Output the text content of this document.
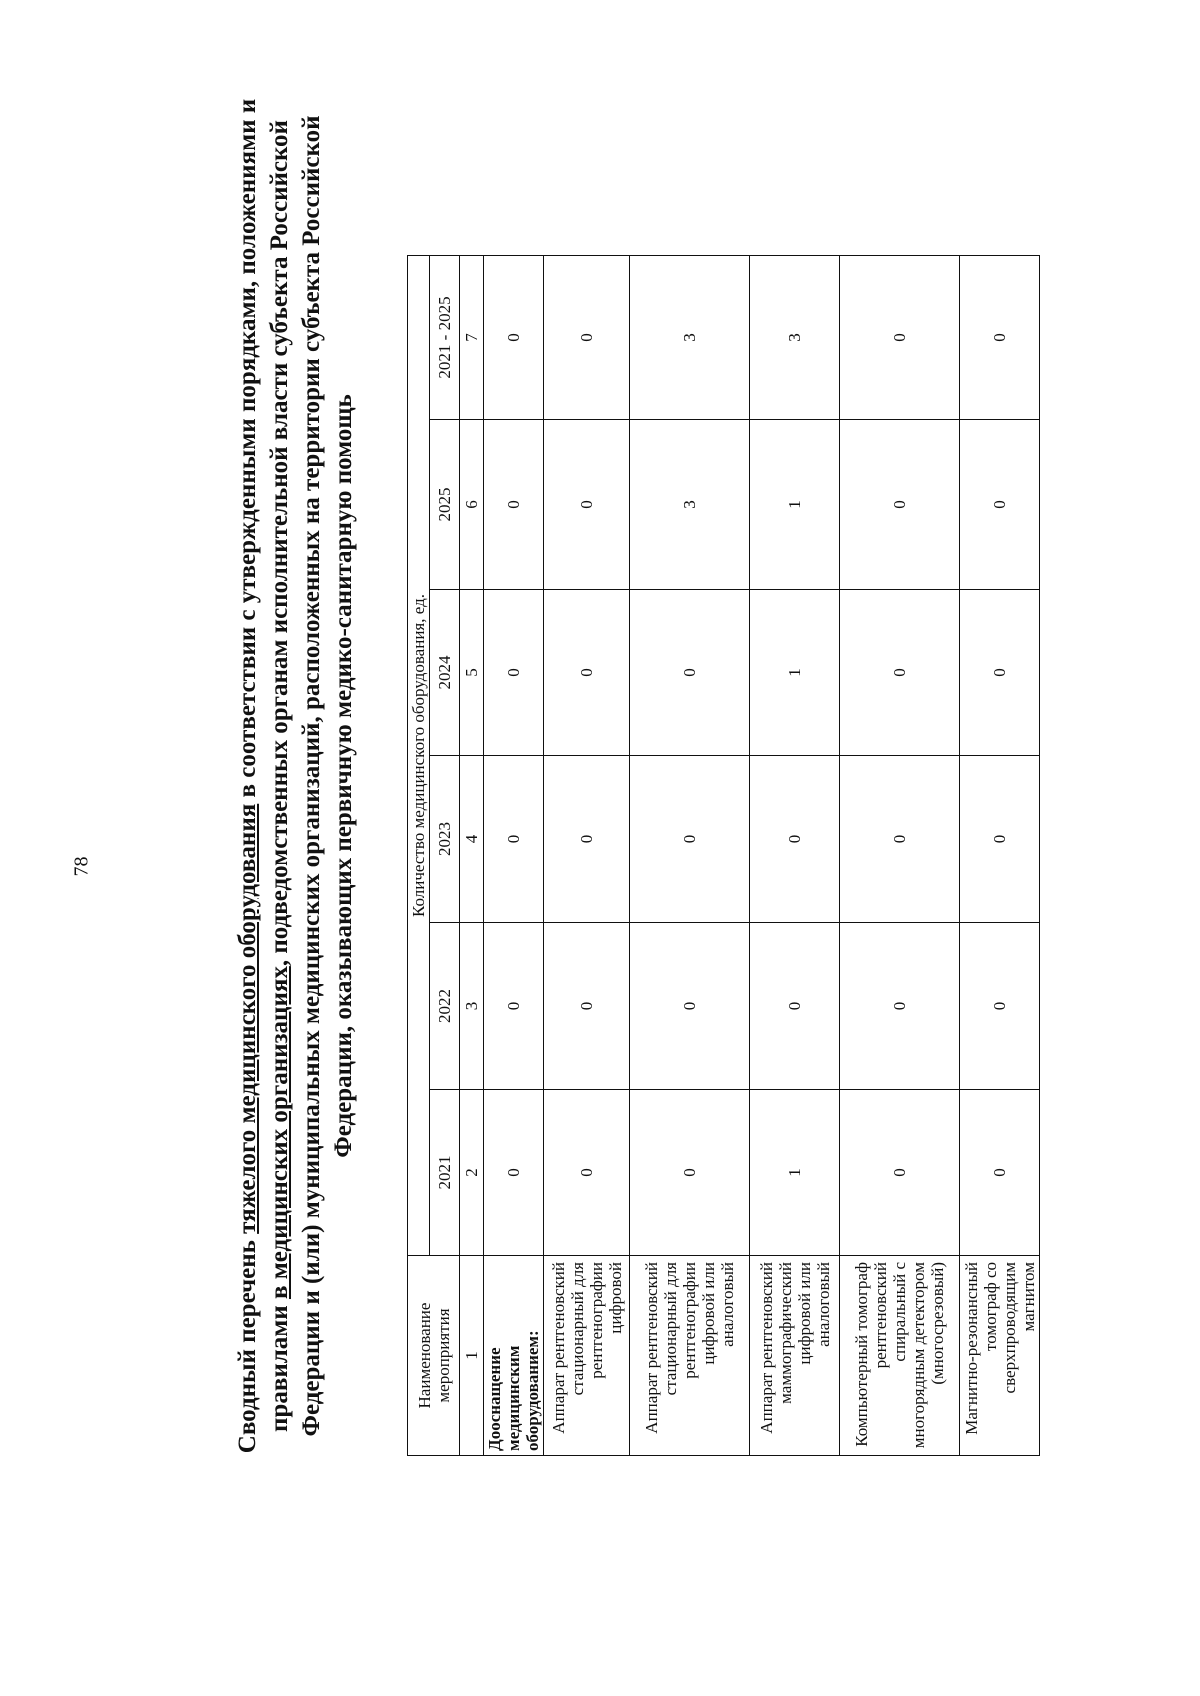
78

Сводный перечень тяжелого медицинского оборудования в соответствии с утвержденными порядками, положениями и правилами в медицинских организациях, подведомственных органам исполнительной власти субъекта Российской Федерации и (или) муниципальных медицинских организаций, расположенных на территории субъекта Российской Федерации, оказывающих первичную медико-санитарную помощь

Наименование мероприятия	Количество медицинского оборудования, ед.					
	2021	2022	2023	2024	2025	2021 - 2025
1	2	3	4	5	6	7
Дооснащение медицинским оборудованием:	0	0	0	0	0	0
Аппарат рентгеновский стационарный для рентгенографии цифровой	0	0	0	0	0	0
Аппарат рентгеновский стационарный для рентгенографии цифровой или аналоговый	0	0	0	0	3	3
Аппарат рентгеновский маммографический цифровой или аналоговый	1	0	0	1	1	3
Компьютерный томограф рентгеновский спиральный с многорядным детектором (многосрезовый)	0	0	0	0	0	0
Магнитно-резонансный томограф со сверхпроводящим магнитом	0	0	0	0	0	0
